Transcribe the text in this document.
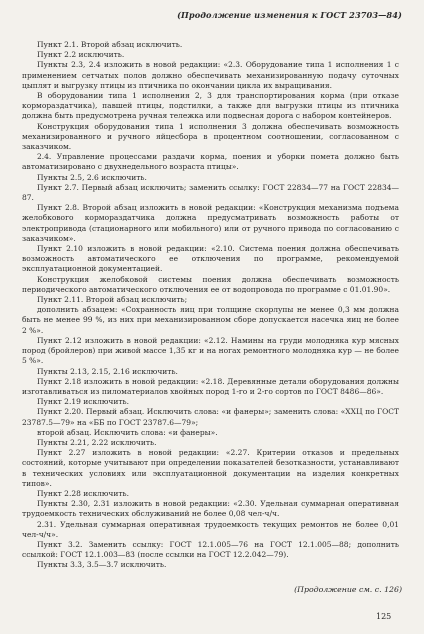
(Продолжение изменения к ГОСТ 23703—84)

Пункт 2.1. Второй абзац исключить.

Пункт 2.2 исключить.

Пункты 2.3, 2.4 изложить в новой редакции: «2.3. Оборудование типа 1 исполнения 1 с применением сетчатых полов должно обеспечивать механизированную подачу суточных цыплят и выгрузку птицы из птичника по окончании цикла их выращивания.

В оборудовании типа 1 исполнения 2, 3 для транспортирования корма (при отказе кормораздатчика), павшей птицы, подстилки, а также для выгрузки птицы из птичника должна быть предусмотрена ручная тележка или подвесная дорога с набором контейнеров.

Конструкция оборудования типа 1 исполнения 3 должна обеспечивать возможность механизированного и ручного яйцесбора в процентном соотношении, согласованном с заказчиком.

2.4. Управление процессами раздачи корма, поения и уборки помета должно быть автоматизировано с двухнедельного возраста птицы».

Пункты 2.5, 2.6 исключить.

Пункт 2.7. Первый абзац исключить; заменить ссылку: ГОСТ 22834—77 на ГОСТ 22834—87.

Пункт 2.8. Второй абзац изложить в новой редакции: «Конструкция механизма подъема желобкового кормораздатчика должна предусматривать возможность работы от электропривода (стационарного или мобильного) или от ручного привода по согласованию с заказчиком».

Пункт 2.10 изложить в новой редакции: «2.10. Система поения должна обеспечивать возможность автоматического ее отключения по программе, рекомендуемой эксплуатационной документацией.

Конструкция желобковой системы поения должна обеспечивать возможность периодического автоматического отключения ее от водопровода по программе с 01.01.90».

Пункт 2.11. Второй абзац исключить;

дополнить абзацем: «Сохранность яиц при толщине скорлупы не менее 0,3 мм должна быть не менее 99 %, из них при механизированном сборе допускается насечка яиц не более 2 %».

Пункт 2.12 изложить в новой редакции: «2.12. Намины на груди молодняка кур мясных пород (бройлеров) при живой массе 1,35 кг и на ногах ремонтного молодняка кур — не более 5 %».

Пункты 2.13, 2.15, 2.16 исключить.

Пункт 2.18 изложить в новой редакции: «2.18. Деревянные детали оборудования должны изготавливаться из пиломатериалов хвойных пород 1-го и 2-го сортов по ГОСТ 8486—86».

Пункт 2.19 исключить.

Пункт 2.20. Первый абзац. Исключить слова: «и фанеры»; заменить слова: «ХХЦ по ГОСТ 23787.5—79» на «ББ по ГОСТ 23787.6—79»;

второй абзац. Исключить слова: «и фанеры».

Пункты 2.21, 2.22 исключить.

Пункт 2.27 изложить в новой редакции: «2.27. Критерии отказов и предельных состояний, которые учитывают при определении показателей безотказности, устанавливают в технических условиях или эксплуатационной документации на изделия конкретных типов».

Пункт 2.28 исключить.

Пункты 2.30, 2.31 изложить в новой редакции: «2.30. Удельная суммарная оперативная трудоемкость технических обслуживаний не более 0,08 чел-ч/ч.

2.31. Удельная суммарная оперативная трудоемкость текущих ремонтов не более 0,01 чел-ч/ч».

Пункт 3.2. Заменить ссылку: ГОСТ 12.1.005—76 на ГОСТ 12.1.005—88; дополнить ссылкой: ГОСТ 12.1.003—83 (после ссылки на ГОСТ 12.2.042—79).

Пункты 3.3, 3.5—3.7 исключить.

(Продолжение см. с. 126)
125
